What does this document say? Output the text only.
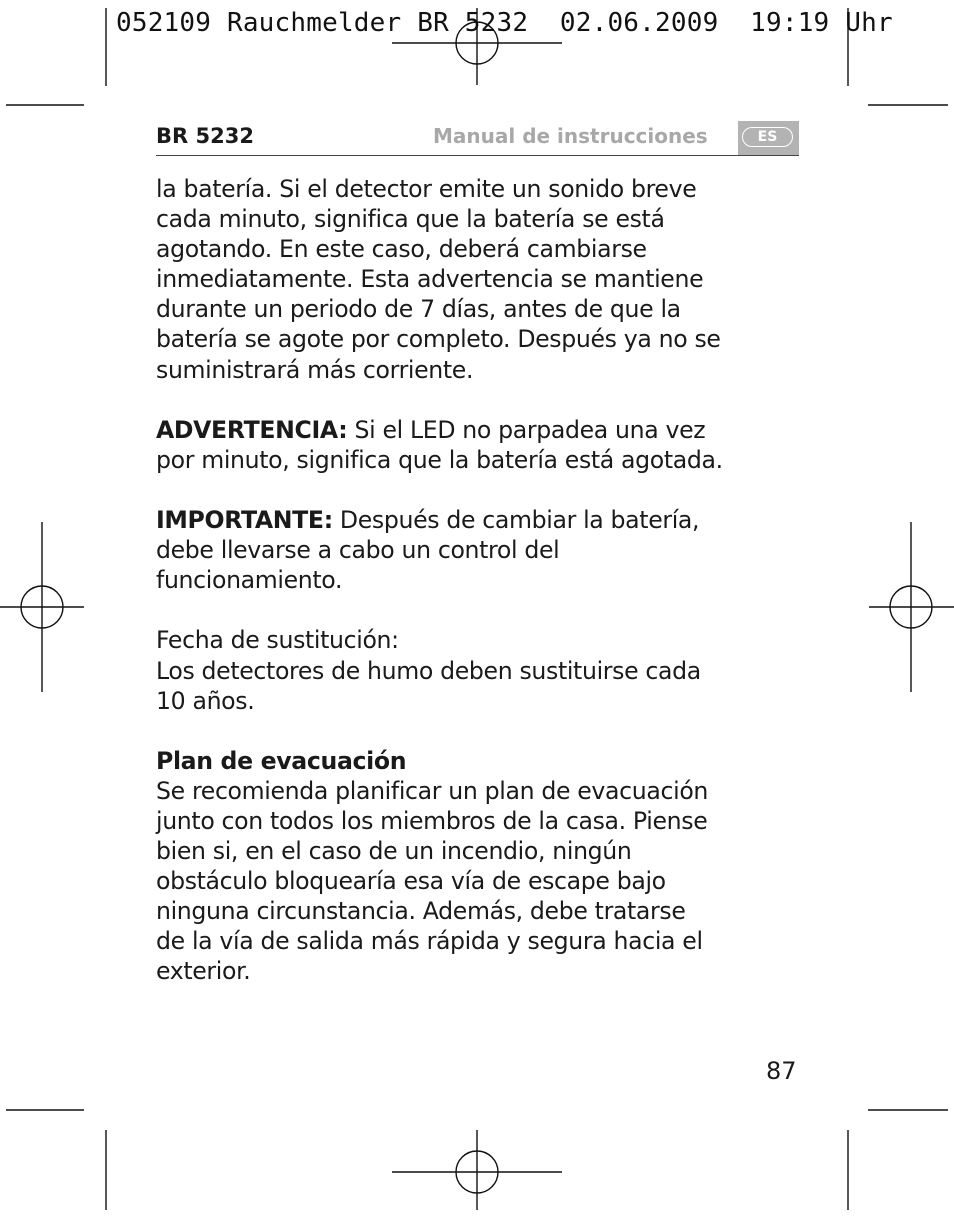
052109 Rauchmelder BR 5232  02.06.2009  19:19 Uhr
BR 5232	Manual de instrucciones	ES

la batería. Si el detector emite un sonido breve

cada minuto, significa que la batería se está

agotando. En este caso, deberá cambiarse

inmediatamente. Esta advertencia se mantiene

durante un periodo de 7 días, antes de que la

batería se agote por completo. Después ya no se

suministrará más corriente.

ADVERTENCIA: Si el LED no parpadea una vez

por minuto, significa que la batería está agotada.

IMPORTANTE: Después de cambiar la batería,

debe llevarse a cabo un control del

funcionamiento.

Fecha de sustitución:

Los detectores de humo deben sustituirse cada

10 años.

Plan de evacuación

Se recomienda planificar un plan de evacuación

junto con todos los miembros de la casa. Piense

bien si, en el caso de un incendio, ningún

obstáculo bloquearía esa vía de escape bajo

ninguna circunstancia. Además, debe tratarse

de la vía de salida más rápida y segura hacia el

exterior.

87
